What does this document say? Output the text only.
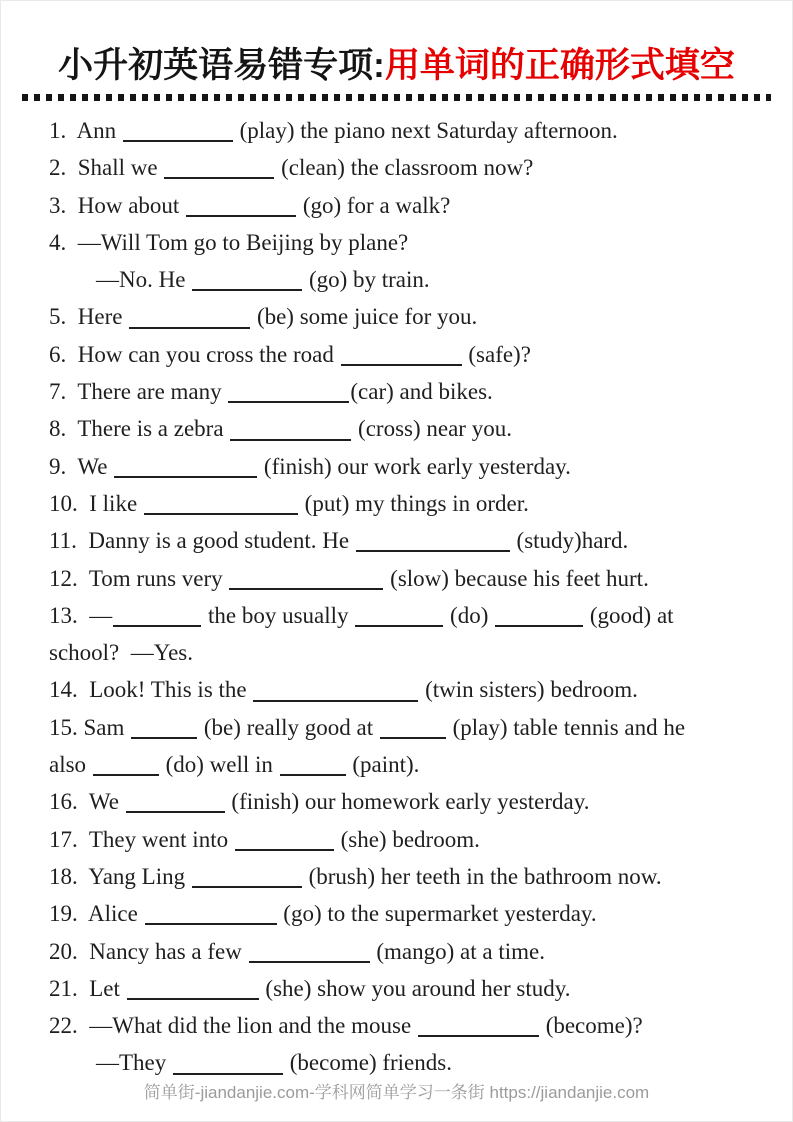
小升初英语易错专项:用单词的正确形式填空
1.  Ann	(play) the piano next Saturday afternoon.
2.  Shall we	(clean) the classroom now?
3.  How about	(go) for a walk?
4.  —Will Tom go to Beijing by plane?
—No. He	(go) by train.
5.  Here	(be) some juice for you.
6.  How can you cross the road	(safe)?
7.  There are many	(car) and bikes.
8.  There is a zebra	(cross) near you.
9.  We	(finish) our work early yesterday.
10.  I like	(put) my things in order.
11.  Danny is a good student. He	(study)hard.
12.  Tom runs very	(slow) because his feet hurt.
13.  —	the boy usually	(do)	(good) at
school?  —Yes.
14.  Look! This is the	(twin sisters) bedroom.
15. Sam	(be) really good at	(play) table tennis and he
also	(do) well in	(paint).
16.  We	(finish) our homework early yesterday.
17.  They went into	(she) bedroom.
18.  Yang Ling	(brush) her teeth in the bathroom now.
19.  Alice	(go) to the supermarket yesterday.
20.  Nancy has a few	(mango) at a time.
21.  Let	(she) show you around her study.
22.  —What did the lion and the mouse	(become)?
—They	(become) friends.
简单街-jiandanjie.com-学科网简单学习一条街 https://jiandanjie.com
